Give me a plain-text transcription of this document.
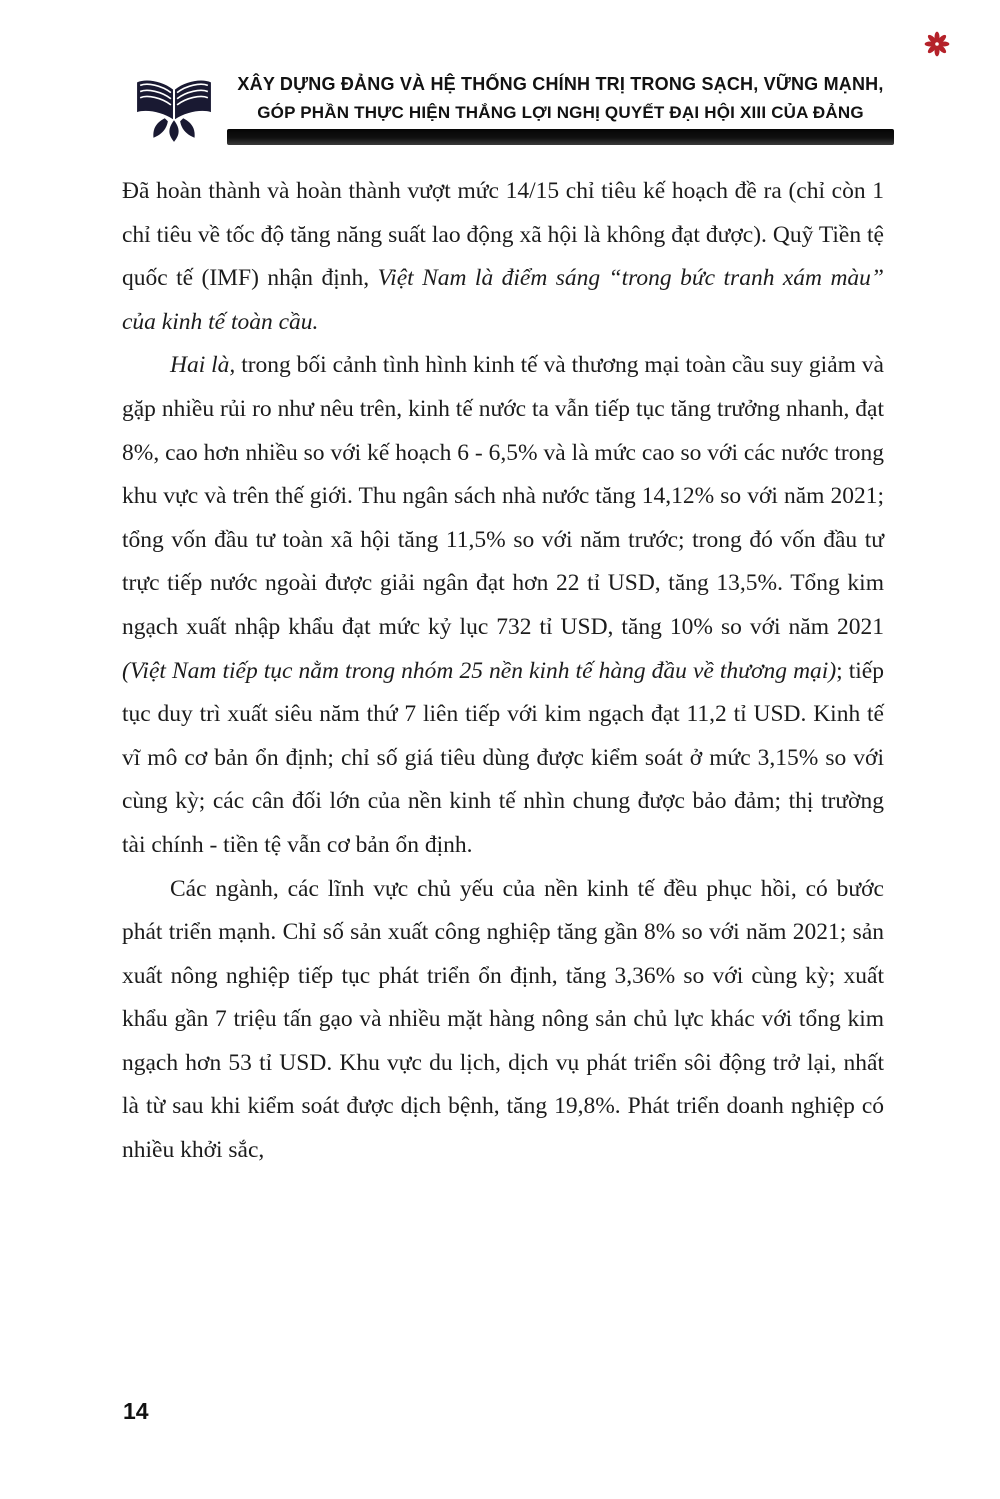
XÂY DỰNG ĐẢNG VÀ HỆ THỐNG CHÍNH TRỊ TRONG SẠCH, VỮNG MẠNH,
GÓP PHẦN THỰC HIỆN THẮNG LỢI NGHỊ QUYẾT ĐẠI HỘI XIII CỦA ĐẢNG

Đã hoàn thành và hoàn thành vượt mức 14/15 chỉ tiêu kế hoạch đề ra (chỉ còn 1 chỉ tiêu về tốc độ tăng năng suất lao động xã hội là không đạt được). Quỹ Tiền tệ quốc tế (IMF) nhận định, Việt Nam là điểm sáng “trong bức tranh xám màu” của kinh tế toàn cầu.

Hai là, trong bối cảnh tình hình kinh tế và thương mại toàn cầu suy giảm và gặp nhiều rủi ro như nêu trên, kinh tế nước ta vẫn tiếp tục tăng trưởng nhanh, đạt 8%, cao hơn nhiều so với kế hoạch 6 - 6,5% và là mức cao so với các nước trong khu vực và trên thế giới. Thu ngân sách nhà nước tăng 14,12% so với năm 2021; tổng vốn đầu tư toàn xã hội tăng 11,5% so với năm trước; trong đó vốn đầu tư trực tiếp nước ngoài được giải ngân đạt hơn 22 tỉ USD, tăng 13,5%. Tổng kim ngạch xuất nhập khẩu đạt mức kỷ lục 732 tỉ USD, tăng 10% so với năm 2021 (Việt Nam tiếp tục nằm trong nhóm 25 nền kinh tế hàng đầu về thương mại); tiếp tục duy trì xuất siêu năm thứ 7 liên tiếp với kim ngạch đạt 11,2 tỉ USD. Kinh tế vĩ mô cơ bản ổn định; chỉ số giá tiêu dùng được kiểm soát ở mức 3,15% so với cùng kỳ; các cân đối lớn của nền kinh tế nhìn chung được bảo đảm; thị trường tài chính - tiền tệ vẫn cơ bản ổn định.

Các ngành, các lĩnh vực chủ yếu của nền kinh tế đều phục hồi, có bước phát triển mạnh. Chỉ số sản xuất công nghiệp tăng gần 8% so với năm 2021; sản xuất nông nghiệp tiếp tục phát triển ổn định, tăng 3,36% so với cùng kỳ; xuất khẩu gần 7 triệu tấn gạo và nhiều mặt hàng nông sản chủ lực khác với tổng kim ngạch hơn 53 tỉ USD. Khu vực du lịch, dịch vụ phát triển sôi động trở lại, nhất là từ sau khi kiểm soát được dịch bệnh, tăng 19,8%. Phát triển doanh nghiệp có nhiều khởi sắc,

14
